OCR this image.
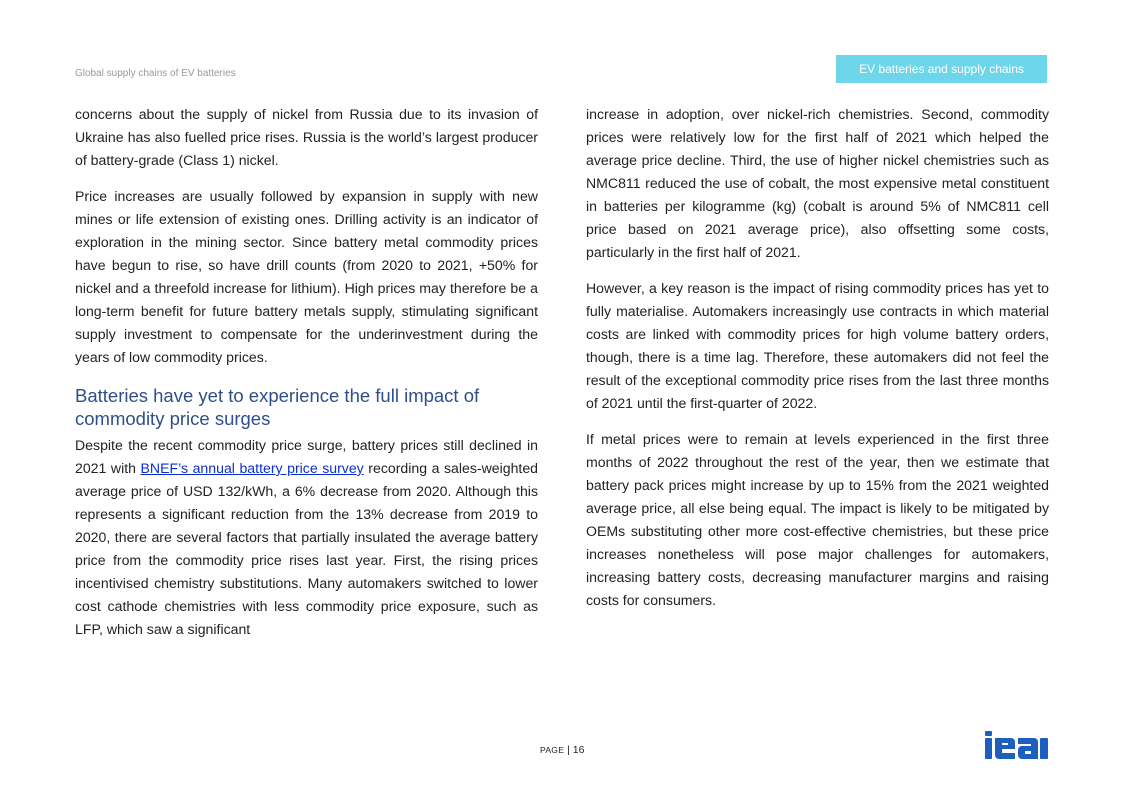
Global supply chains of EV batteries	EV batteries and supply chains

concerns about the supply of nickel from Russia due to its invasion of Ukraine has also fuelled price rises. Russia is the world’s largest producer of battery-grade (Class 1) nickel.

Price increases are usually followed by expansion in supply with new mines or life extension of existing ones. Drilling activity is an indicator of exploration in the mining sector. Since battery metal commodity prices have begun to rise, so have drill counts (from 2020 to 2021, +50% for nickel and a threefold increase for lithium). High prices may therefore be a long-term benefit for future battery metals supply, stimulating significant supply investment to compensate for the underinvestment during the years of low commodity prices.

Batteries have yet to experience the full impact of commodity price surges

Despite the recent commodity price surge, battery prices still declined in 2021 with BNEF’s annual battery price survey recording a sales-weighted average price of USD 132/kWh, a 6% decrease from 2020. Although this represents a significant reduction from the 13% decrease from 2019 to 2020, there are several factors that partially insulated the average battery price from the commodity price rises last year. First, the rising prices incentivised chemistry substitutions. Many automakers switched to lower cost cathode chemistries with less commodity price exposure, such as LFP, which saw a significant

increase in adoption, over nickel-rich chemistries. Second, commodity prices were relatively low for the first half of 2021 which helped the average price decline. Third, the use of higher nickel chemistries such as NMC811 reduced the use of cobalt, the most expensive metal constituent in batteries per kilogramme (kg) (cobalt is around 5% of NMC811 cell price based on 2021 average price), also offsetting some costs, particularly in the first half of 2021.

However, a key reason is the impact of rising commodity prices has yet to fully materialise. Automakers increasingly use contracts in which material costs are linked with commodity prices for high volume battery orders, though, there is a time lag. Therefore, these automakers did not feel the result of the exceptional commodity price rises from the last three months of 2021 until the first-quarter of 2022.

If metal prices were to remain at levels experienced in the first three months of 2022 throughout the rest of the year, then we estimate that battery pack prices might increase by up to 15% from the 2021 weighted average price, all else being equal. The impact is likely to be mitigated by OEMs substituting other more cost-effective chemistries, but these price increases nonetheless will pose major challenges for automakers, increasing battery costs, decreasing manufacturer margins and raising costs for consumers.

PAGE | 16
